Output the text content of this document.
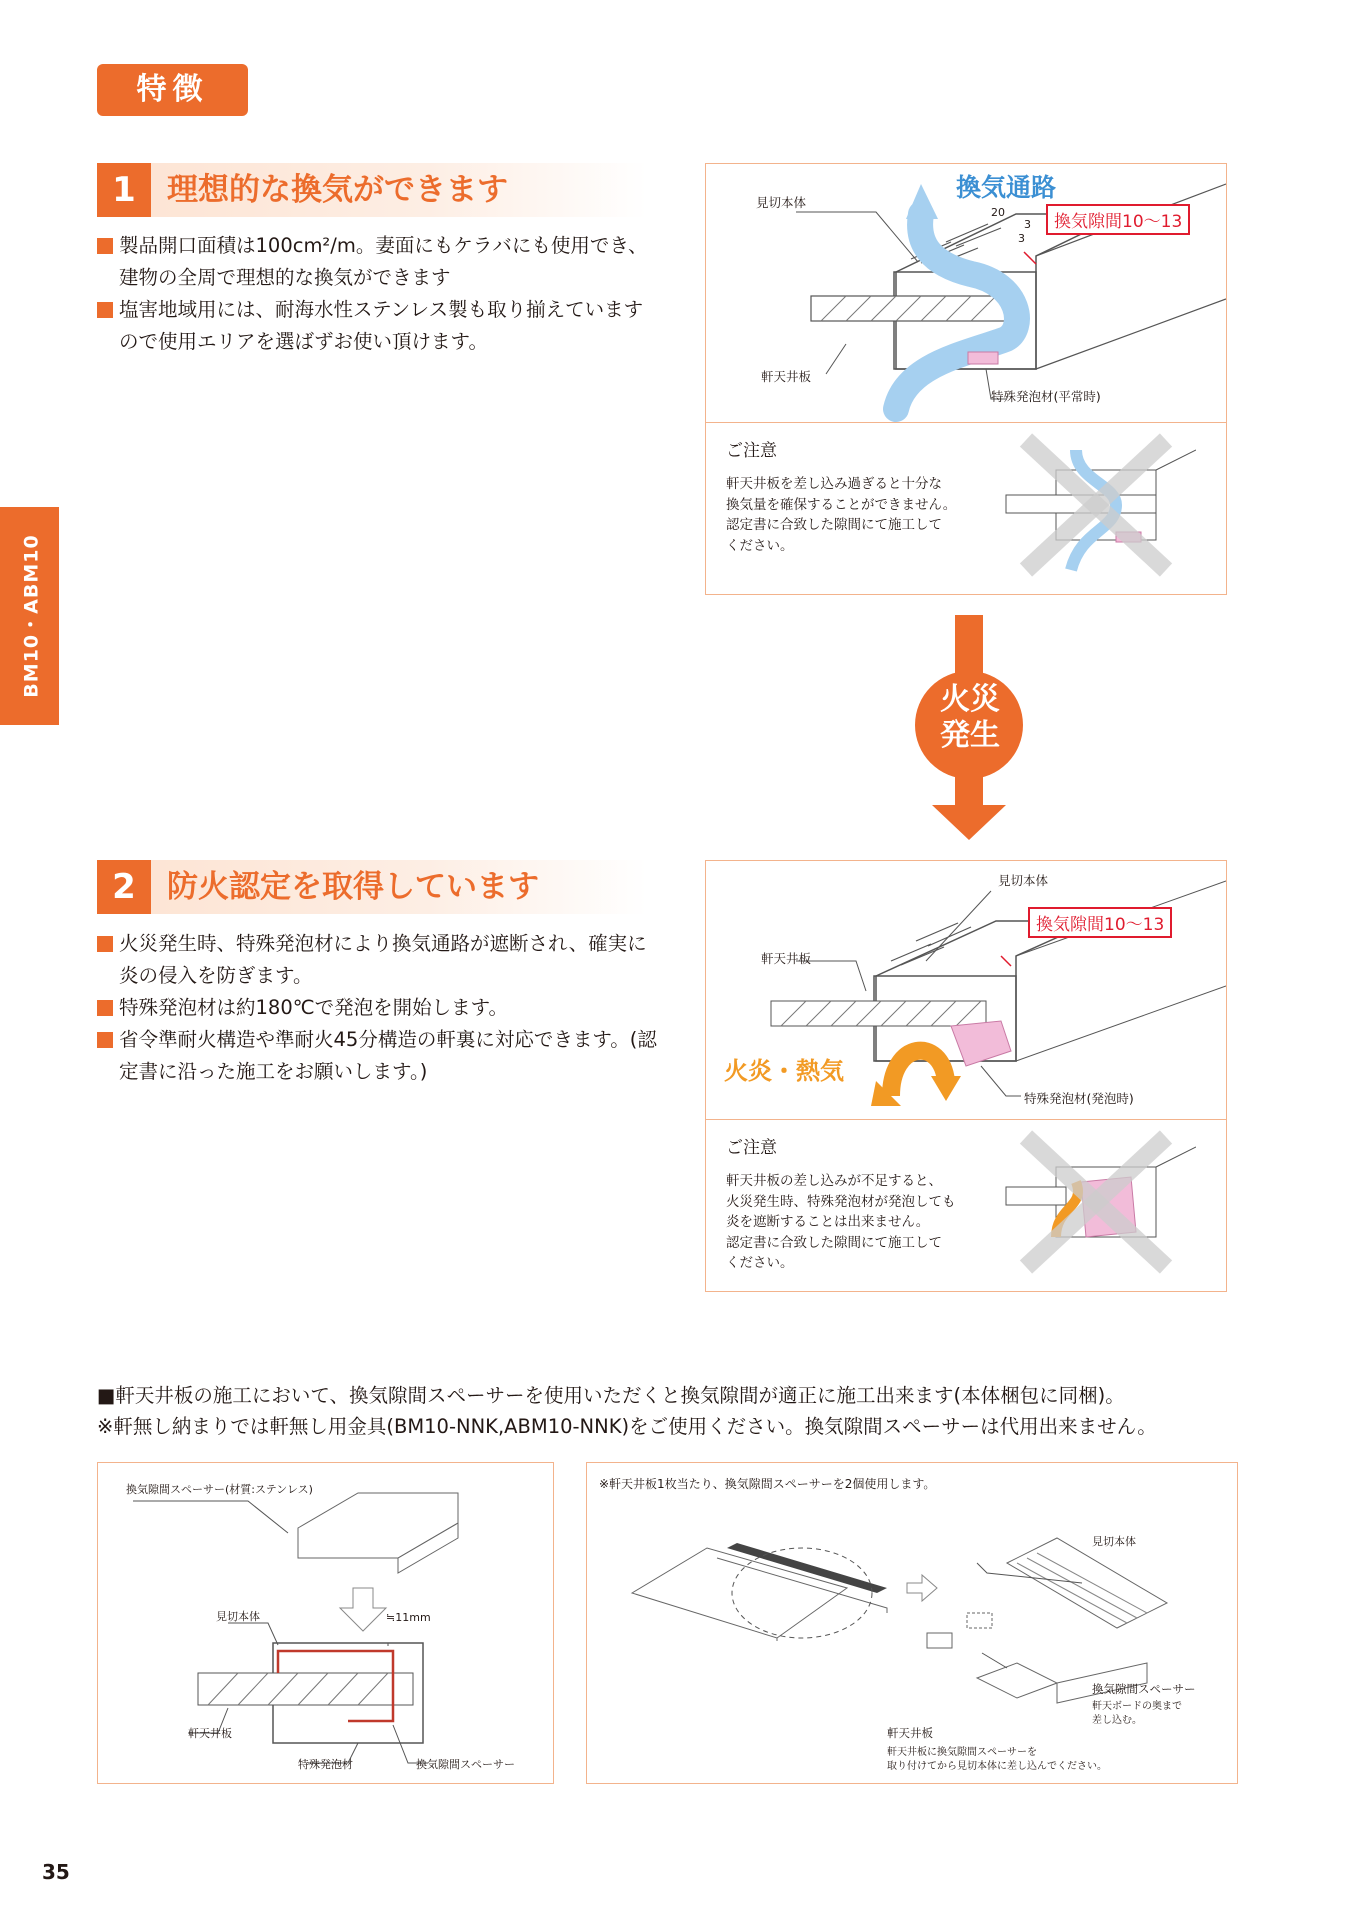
特徴
BM10・ABM10
1	理想的な換気ができます
製品開口面積は100cm²/m。妻面にもケラバにも使用でき、建物の全周で理想的な換気ができます
塩害地域用には、耐海水性ステンレス製も取り揃えていますので使用エリアを選ばずお使い頂けます。
換気通路
見切本体
20
3
3
換気隙間10〜13
軒天井板
特殊発泡材(平常時)
ご注意
軒天井板を差し込み過ぎると十分な
換気量を確保することができません。
認定書に合致した隙間にて施工して
ください。
火災
発生
2	防火認定を取得しています
火災発生時、特殊発泡材により換気通路が遮断され、確実に炎の侵入を防ぎます。
特殊発泡材は約180℃で発泡を開始します。
省令準耐火構造や準耐火45分構造の軒裏に対応できます。(認定書に沿った施工をお願いします。)
見切本体
換気隙間10〜13
軒天井板
火炎・熱気
特殊発泡材(発泡時)
ご注意
軒天井板の差し込みが不足すると、
火災発生時、特殊発泡材が発泡しても
炎を遮断することは出来ません。
認定書に合致した隙間にて施工して
ください。
■軒天井板の施工において、換気隙間スペーサーを使用いただくと換気隙間が適正に施工出来ます(本体梱包に同梱)。
※軒無し納まりでは軒無し用金具(BM10-NNK,ABM10-NNK)をご使用ください。換気隙間スペーサーは代用出来ません。
換気隙間スペーサー(材質:ステンレス)
見切本体	≒11mm
軒天井板
特殊発泡材	換気隙間スペーサー
※軒天井板1枚当たり、換気隙間スペーサーを2個使用します。
見切本体
換気隙間スペーサー
軒天ボードの奥まで
差し込む。
軒天井板
軒天井板に換気隙間スペーサーを
取り付けてから見切本体に差し込んでください。
35
